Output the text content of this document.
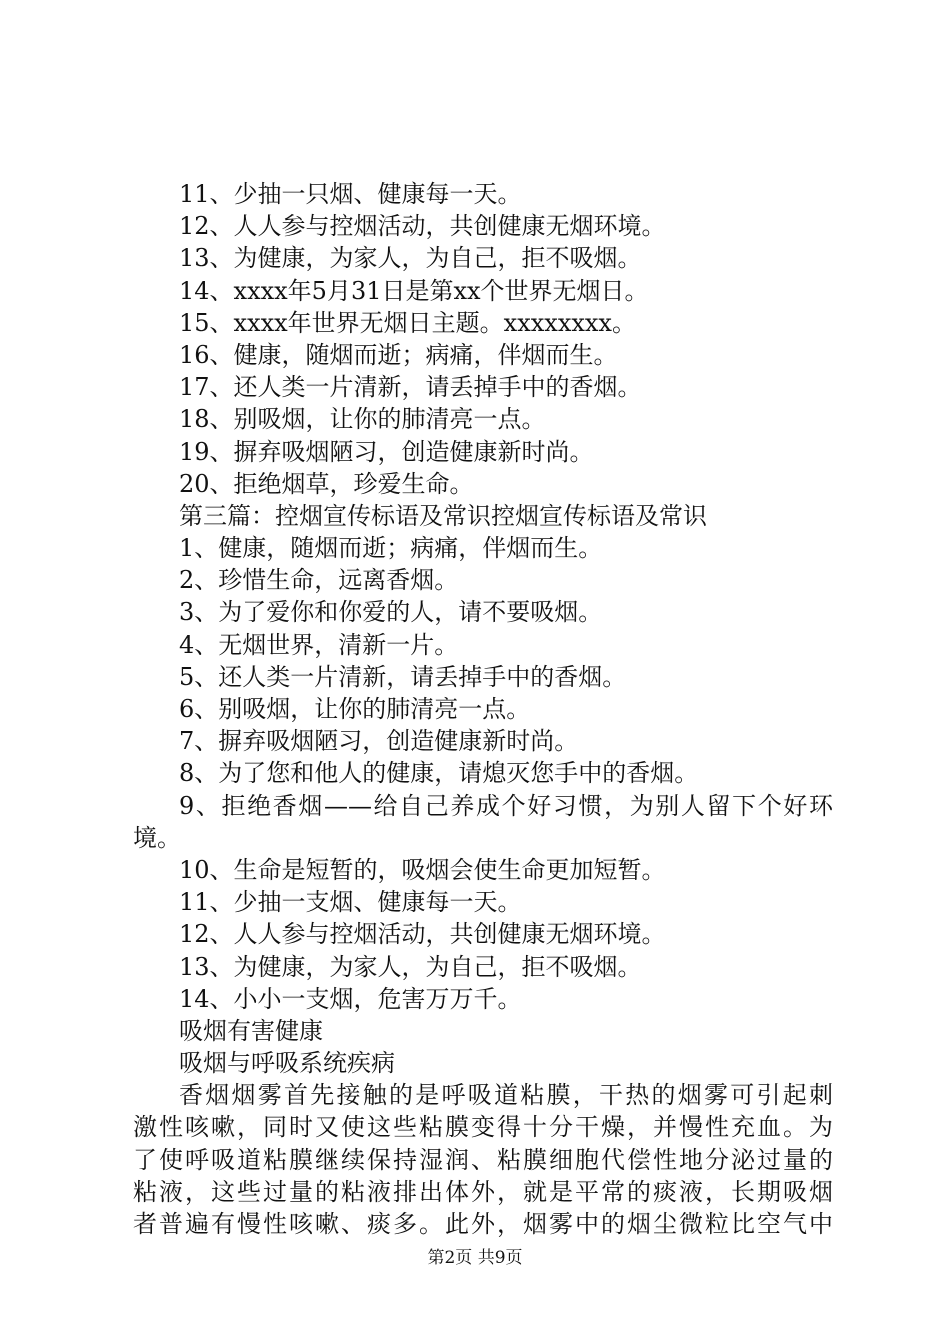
11、少抽一只烟、健康每一天。

12、人人参与控烟活动，共创健康无烟环境。

13、为健康，为家人，为自己，拒不吸烟。

14、xxxx年5月31日是第xx个世界无烟日。

15、xxxx年世界无烟日主题。xxxxxxxx。

16、健康，随烟而逝；病痛，伴烟而生。

17、还人类一片清新，请丢掉手中的香烟。

18、别吸烟，让你的肺清亮一点。

19、摒弃吸烟陋习，创造健康新时尚。

20、拒绝烟草，珍爱生命。

第三篇：控烟宣传标语及常识控烟宣传标语及常识

1、健康，随烟而逝；病痛，伴烟而生。

2、珍惜生命，远离香烟。

3、为了爱你和你爱的人，请不要吸烟。

4、无烟世界，清新一片。

5、还人类一片清新，请丢掉手中的香烟。

6、别吸烟，让你的肺清亮一点。

7、摒弃吸烟陋习，创造健康新时尚。

8、为了您和他人的健康，请熄灭您手中的香烟。

9、拒绝香烟——给自己养成个好习惯，为别人留下个好环
境。

10、生命是短暂的，吸烟会使生命更加短暂。

11、少抽一支烟、健康每一天。

12、人人参与控烟活动，共创健康无烟环境。

13、为健康，为家人，为自己，拒不吸烟。

14、小小一支烟，危害万万千。

吸烟有害健康

吸烟与呼吸系统疾病

香烟烟雾首先接触的是呼吸道粘膜，干热的烟雾可引起刺
激性咳嗽，同时又使这些粘膜变得十分干燥，并慢性充血。为
了使呼吸道粘膜继续保持湿润、粘膜细胞代偿性地分泌过量的
粘液，这些过量的粘液排出体外，就是平常的痰液，长期吸烟
者普遍有慢性咳嗽、痰多。此外，烟雾中的烟尘微粒比空气中
第2页 共9页
